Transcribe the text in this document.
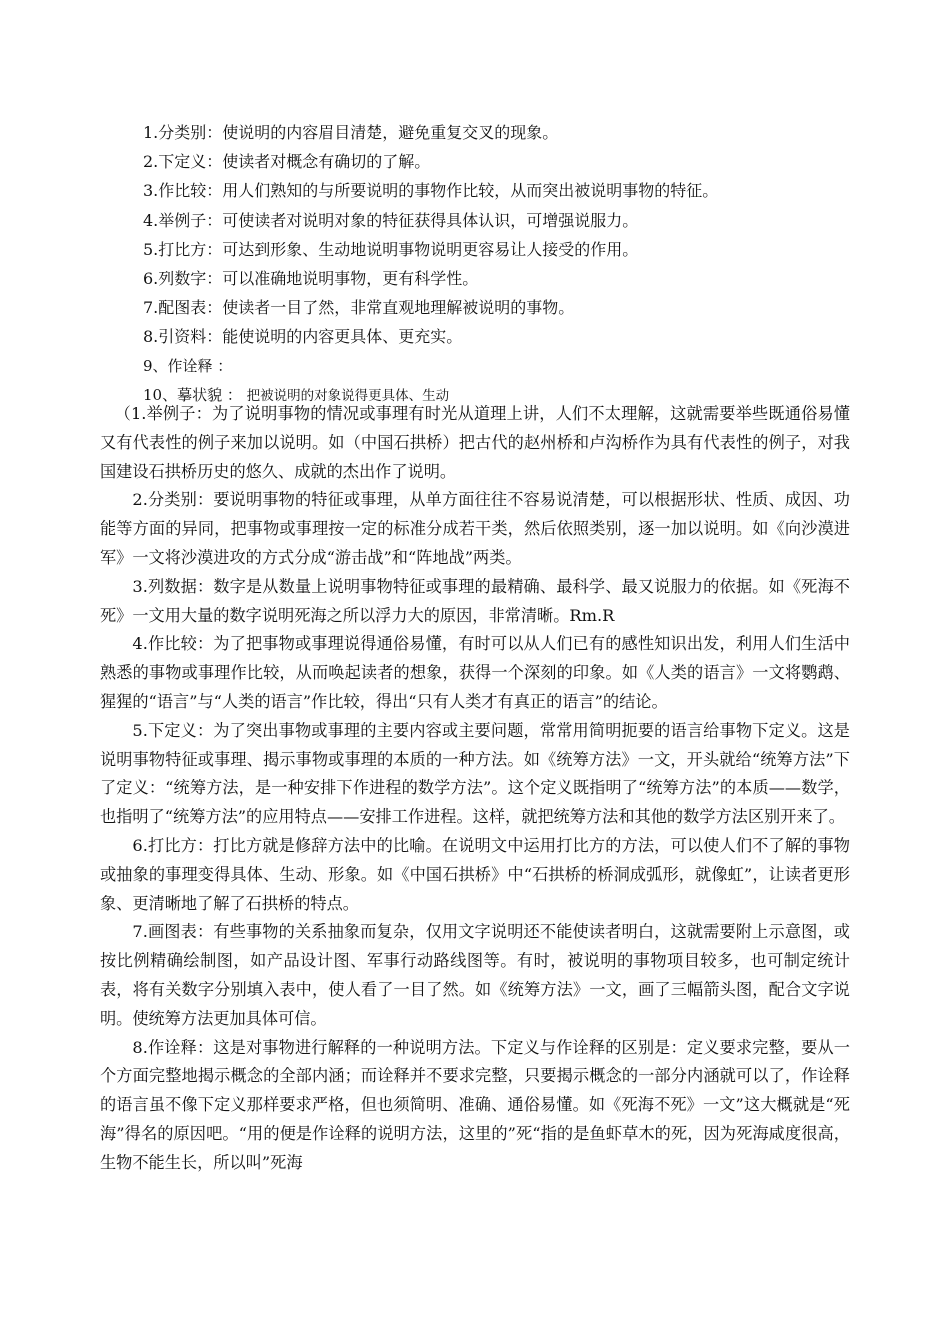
1.分类别：使说明的内容眉目清楚，避免重复交叉的现象。
2.下定义：使读者对概念有确切的了解。
3.作比较：用人们熟知的与所要说明的事物作比较，从而突出被说明事物的特征。
4.举例子：可使读者对说明对象的特征获得具体认识，可增强说服力。
5.打比方：可达到形象、生动地说明事物说明更容易让人接受的作用。
6.列数字：可以准确地说明事物，更有科学性。
7.配图表：使读者一目了然，非常直观地理解被说明的事物。
8.引资料：能使说明的内容更具体、更充实。
9、作诠释 ：
10、摹状貌 ： 把被说明的对象说得更具体、生动

（1.举例子：为了说明事物的情况或事理有时光从道理上讲，人们不太理解，这就需要举些既通俗易懂又有代表性的例子来加以说明。如（中国石拱桥）把古代的赵州桥和卢沟桥作为具有代表性的例子，对我国建设石拱桥历史的悠久、成就的杰出作了说明。

2.分类别：要说明事物的特征或事理，从单方面往往不容易说清楚，可以根据形状、性质、成因、功能等方面的异同，把事物或事理按一定的标准分成若干类，然后依照类别，逐一加以说明。如《向沙漠进军》一文将沙漠进攻的方式分成“游击战”和“阵地战”两类。

3.列数据：数字是从数量上说明事物特征或事理的最精确、最科学、最又说服力的依据。如《死海不死》一文用大量的数字说明死海之所以浮力大的原因，非常清晰。Rm.R

4.作比较：为了把事物或事理说得通俗易懂，有时可以从人们已有的感性知识出发，利用人们生活中熟悉的事物或事理作比较，从而唤起读者的想象，获得一个深刻的印象。如《人类的语言》一文将鹦鹉、猩猩的“语言”与“人类的语言”作比较，得出“只有人类才有真正的语言”的结论。

5.下定义：为了突出事物或事理的主要内容或主要问题，常常用简明扼要的语言给事物下定义。这是说明事物特征或事理、揭示事物或事理的本质的一种方法。如《统筹方法》一文，开头就给“统筹方法”下了定义：“统筹方法，是一种安排下作进程的数学方法”。这个定义既指明了“统筹方法”的本质——数学，也指明了“统筹方法”的应用特点——安排工作进程。这样，就把统筹方法和其他的数学方法区别开来了。

6.打比方：打比方就是修辞方法中的比喻。在说明文中运用打比方的方法，可以使人们不了解的事物或抽象的事理变得具体、生动、形象。如《中国石拱桥》中“石拱桥的桥洞成弧形，就像虹”，让读者更形象、更清晰地了解了石拱桥的特点。

7.画图表：有些事物的关系抽象而复杂，仅用文字说明还不能使读者明白，这就需要附上示意图，或按比例精确绘制图，如产品设计图、军事行动路线图等。有时，被说明的事物项目较多，也可制定统计表，将有关数字分别填入表中，使人看了一目了然。如《统筹方法》一文，画了三幅箭头图，配合文字说明。使统筹方法更加具体可信。

8.作诠释：这是对事物进行解释的一种说明方法。下定义与作诠释的区别是：定义要求完整，要从一个方面完整地揭示概念的全部内涵；而诠释并不要求完整，只要揭示概念的一部分内涵就可以了，作诠释的语言虽不像下定义那样要求严格，但也须简明、准确、通俗易懂。如《死海不死》一文”这大概就是“死海”得名的原因吧。“用的便是作诠释的说明方法，这里的”死“指的是鱼虾草木的死，因为死海咸度很高，生物不能生长，所以叫”死海
